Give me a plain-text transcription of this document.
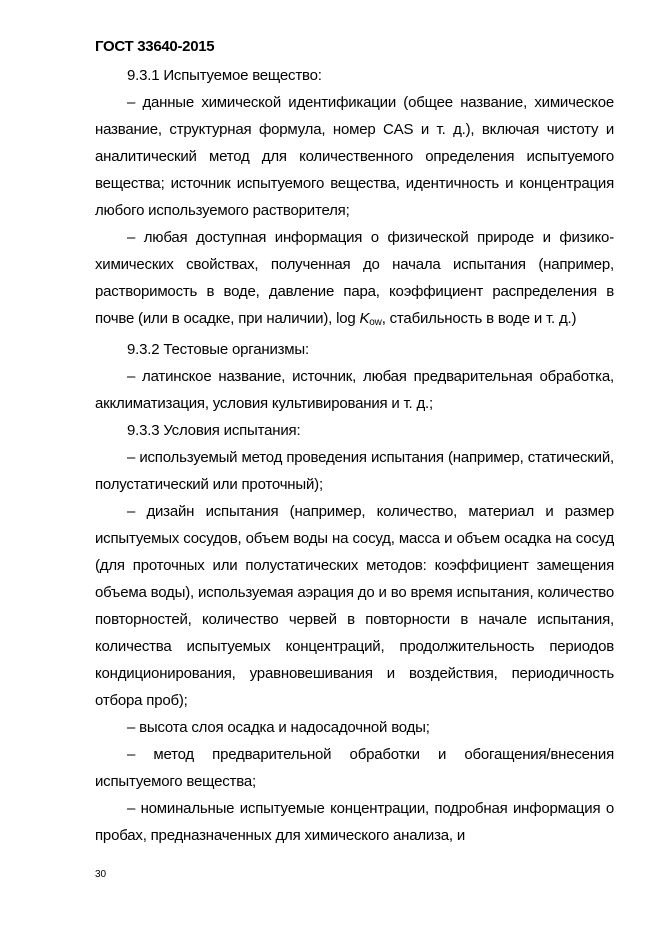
ГОСТ 33640-2015

9.3.1 Испытуемое вещество:

– данные химической идентификации (общее название, химическое название, структурная формула, номер CAS и т. д.), включая чистоту и аналитический метод для количественного определения испытуемого вещества; источник испытуемого вещества, идентичность и концентрация любого используемого растворителя;

– любая доступная информация о физической природе и физико-химических свойствах, полученная до начала испытания (например, растворимость в воде, давление пара, коэффициент распределения в почве (или в осадке, при наличии), $\log K_{ow}$, стабильность в воде и т. д.)

9.3.2 Тестовые организмы:

– латинское название, источник, любая предварительная обработка, акклиматизация, условия культивирования и т. д.;

9.3.3 Условия испытания:

– используемый метод проведения испытания (например, статический, полустатический или проточный);

– дизайн испытания (например, количество, материал и размер испытуемых сосудов, объем воды на сосуд, масса и объем осадка на сосуд (для проточных или полустатических методов: коэффициент замещения объема воды), используемая аэрация до и во время испытания, количество повторностей, количество червей в повторности в начале испытания, количества испытуемых концентраций, продолжительность периодов кондиционирования, уравновешивания и воздействия, периодичность отбора проб);

– высота слоя осадка и надосадочной воды;

– метод предварительной обработки и обогащения/внесения испытуемого вещества;

– номинальные испытуемые концентрации, подробная информация о пробах, предназначенных для химического анализа, и

30
